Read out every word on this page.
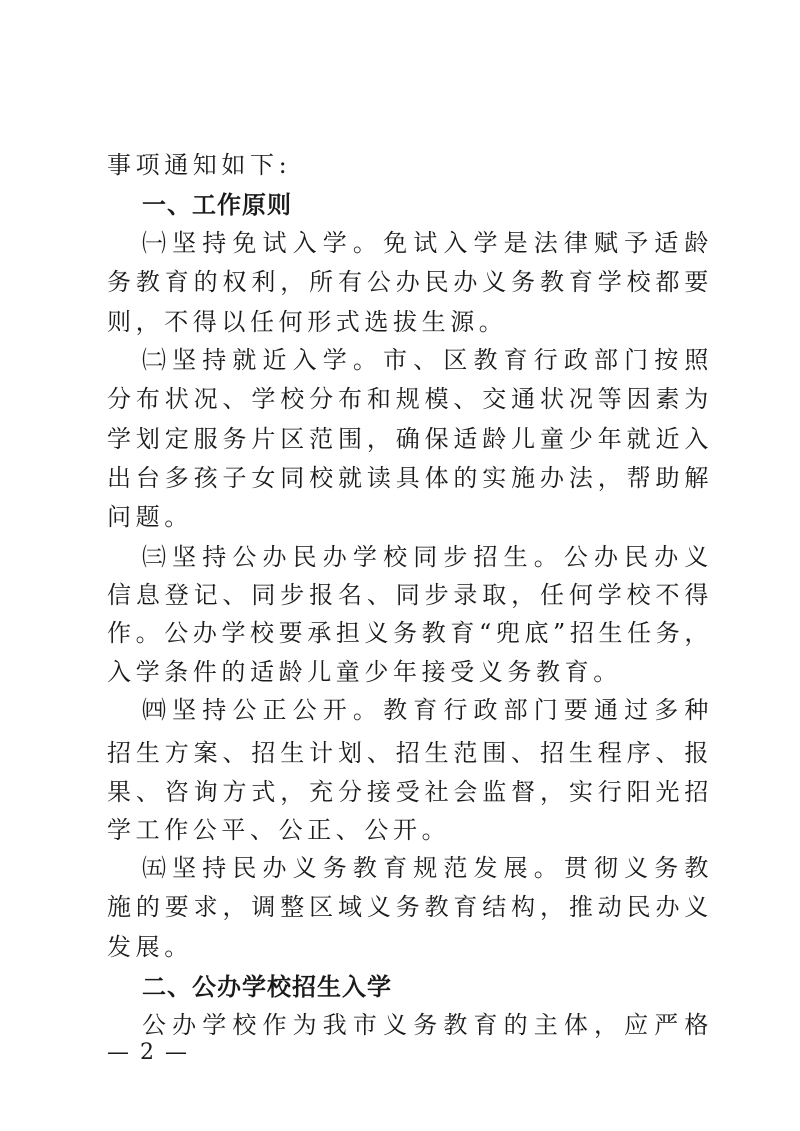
事项通知如下:
一、工作原则
㈠坚持免试入学。免试入学是法律赋予适龄
务教育的权利，所有公办民办义务教育学校都要
则，不得以任何形式选拔生源。
㈡坚持就近入学。市、区教育行政部门按照
分布状况、学校分布和规模、交通状况等因素为
学划定服务片区范围，确保适龄儿童少年就近入
出台多孩子女同校就读具体的实施办法，帮助解
问题。
㈢坚持公办民办学校同步招生。公办民办义
信息登记、同步报名、同步录取，任何学校不得
作。公办学校要承担义务教育“兜底”招生任务，
入学条件的适龄儿童少年接受义务教育。
㈣坚持公正公开。教育行政部门要通过多种
招生方案、招生计划、招生范围、招生程序、报
果、咨询方式，充分接受社会监督，实行阳光招
学工作公平、公正、公开。
㈤坚持民办义务教育规范发展。贯彻义务教
施的要求，调整区域义务教育结构，推动民办义
发展。
二、公办学校招生入学
公办学校作为我市义务教育的主体，应严格
— 2 —
